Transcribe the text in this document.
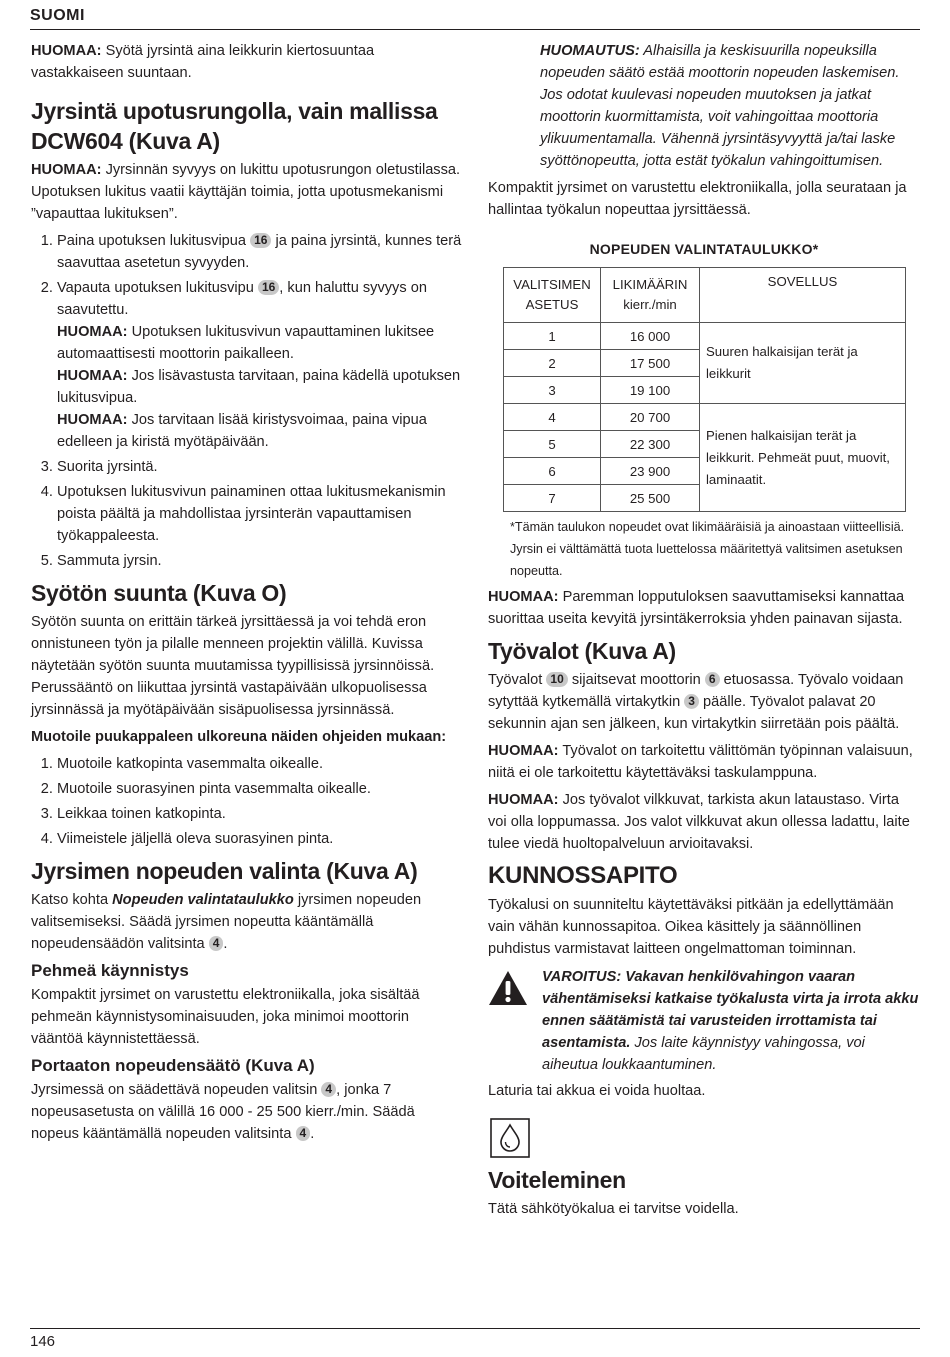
SUOMI

HUOMAA: Syötä jyrsintä aina leikkurin kiertosuuntaa vastakkaiseen suuntaan.

Jyrsintä upotusrungolla, vain mallissa DCW604 (Kuva A)

HUOMAA: Jyrsinnän syvyys on lukittu upotusrungon oletustilassa. Upotuksen lukitus vaatii käyttäjän toimia, jotta upotusmekanismi ”vapauttaa lukituksen”.

1. Paina upotuksen lukitusvipua 16 ja paina jyrsintä, kunnes terä saavuttaa asetetun syvyyden.
2. Vapauta upotuksen lukitusvipu 16 , kun haluttu syvyys on saavutettu.
HUOMAA: Upotuksen lukitusvivun vapauttaminen lukitsee automaattisesti moottorin paikalleen.
HUOMAA: Jos lisävastusta tarvitaan, paina kädellä upotuksen lukitusvipua.
HUOMAA: Jos tarvitaan lisää kiristysvoimaa, paina vipua edelleen ja kiristä myötäpäivään.
3. Suorita jyrsintä.
4. Upotuksen lukitusvivun painaminen ottaa lukitusmekanismin poista päältä ja mahdollistaa jyrsinterän vapauttamisen työkappaleesta.
5. Sammuta jyrsin.
Syötön suunta (Kuva O)

Syötön suunta on erittäin tärkeä jyrsittäessä ja voi tehdä eron onnistuneen työn ja pilalle menneen projektin välillä. Kuvissa näytetään syötön suunta muutamissa tyypillisissä jyrsinnöissä. Perussääntö on liikuttaa jyrsintä vastapäivään ulkopuolisessa jyrsinnässä ja myötäpäivään sisäpuolisessa jyrsinnässä.

Muotoile puukappaleen ulkoreuna näiden ohjeiden mukaan:

1. Muotoile katkopinta vasemmalta oikealle.
2. Muotoile suorasyinen pinta vasemmalta oikealle.
3. Leikkaa toinen katkopinta.
4. Viimeistele jäljellä oleva suorasyinen pinta.
Jyrsimen nopeuden valinta (Kuva A)

Katso kohta Nopeuden valintataulukko jyrsimen nopeuden valitsemiseksi. Säädä jyrsimen nopeutta kääntämällä nopeudensäädön valitsinta 4 .

Pehmeä käynnistys

Kompaktit jyrsimet on varustettu elektroniikalla, joka sisältää pehmeän käynnistysominaisuuden, joka minimoi moottorin vääntöä käynnistettäessä.

Portaaton nopeudensäätö (Kuva A)

Jyrsimessä on säädettävä nopeuden valitsin 4 , jonka 7 nopeusasetusta on välillä 16 000 - 25 500 kierr./min. Säädä nopeus kääntämällä nopeuden valitsinta 4 .

HUOMAUTUS: Alhaisilla ja keskisuurilla nopeuksilla nopeuden säätö estää moottorin nopeuden laskemisen. Jos odotat kuulevasi nopeuden muutoksen ja jatkat moottorin kuormittamista, voit vahingoittaa moottoria ylikuumentamalla. Vähennä jyrsintäsyvyyttä ja/tai laske syöttönopeutta, jotta estät työkalun vahingoittumisen.

Kompaktit jyrsimet on varustettu elektroniikalla, jolla seurataan ja hallintaa työkalun nopeuttaa jyrsittäessä.

NOPEUDEN VALINTATAULUKKO*
VALITSIMEN ASETUS	LIKIMÄÄRIN kierr./min	SOVELLUS
1	16 000	Suuren halkaisijan terät ja leikkurit
2	17 500	
3	19 100	
4	20 700	Pienen halkaisijan terät ja leikkurit. Pehmeät puut, muovit, laminaatit.
5	22 300	
6	23 900	
7	25 500	
*Tämän taulukon nopeudet ovat likimääräisiä ja ainoastaan viitteellisiä. Jyrsin ei välttämättä tuota luettelossa määritettyä valitsimen asetuksen nopeutta.

HUOMAA: Paremman lopputuloksen saavuttamiseksi kannattaa suorittaa useita kevyitä jyrsintäkerroksia yhden painavan sijasta.

Työvalot (Kuva A)

Työvalot 10 sijaitsevat moottorin 6 etuosassa. Työvalo voidaan sytyttää kytkemällä virtakytkin 3 päälle. Työvalot palavat 20 sekunnin ajan sen jälkeen, kun virtakytkin siirretään pois päältä.

HUOMAA: Työvalot on tarkoitettu välittömän työpinnan valaisuun, niitä ei ole tarkoitettu käytettäväksi taskulamppuna.

HUOMAA: Jos työvalot vilkkuvat, tarkista akun lataustaso. Virta voi olla loppumassa. Jos valot vilkkuvat akun ollessa ladattu, laite tulee viedä huoltopalveluun arvioitavaksi.

KUNNOSSAPITO

Työkalusi on suunniteltu käytettäväksi pitkään ja edellyttämään vain vähän kunnossapitoa. Oikea käsittely ja säännöllinen puhdistus varmistavat laitteen ongelmattoman toiminnan.

VAROITUS: Vakavan henkilövahingon vaaran vähentämiseksi katkaise työkalusta virta ja irrota akku ennen säätämistä tai varusteiden irrottamista tai asentamista. Jos laite käynnistyy vahingossa, voi aiheutua loukkaantuminen.

Laturia tai akkua ei voida huoltaa.

Voiteleminen

Tätä sähkötyökalua ei tarvitse voidella.

146
